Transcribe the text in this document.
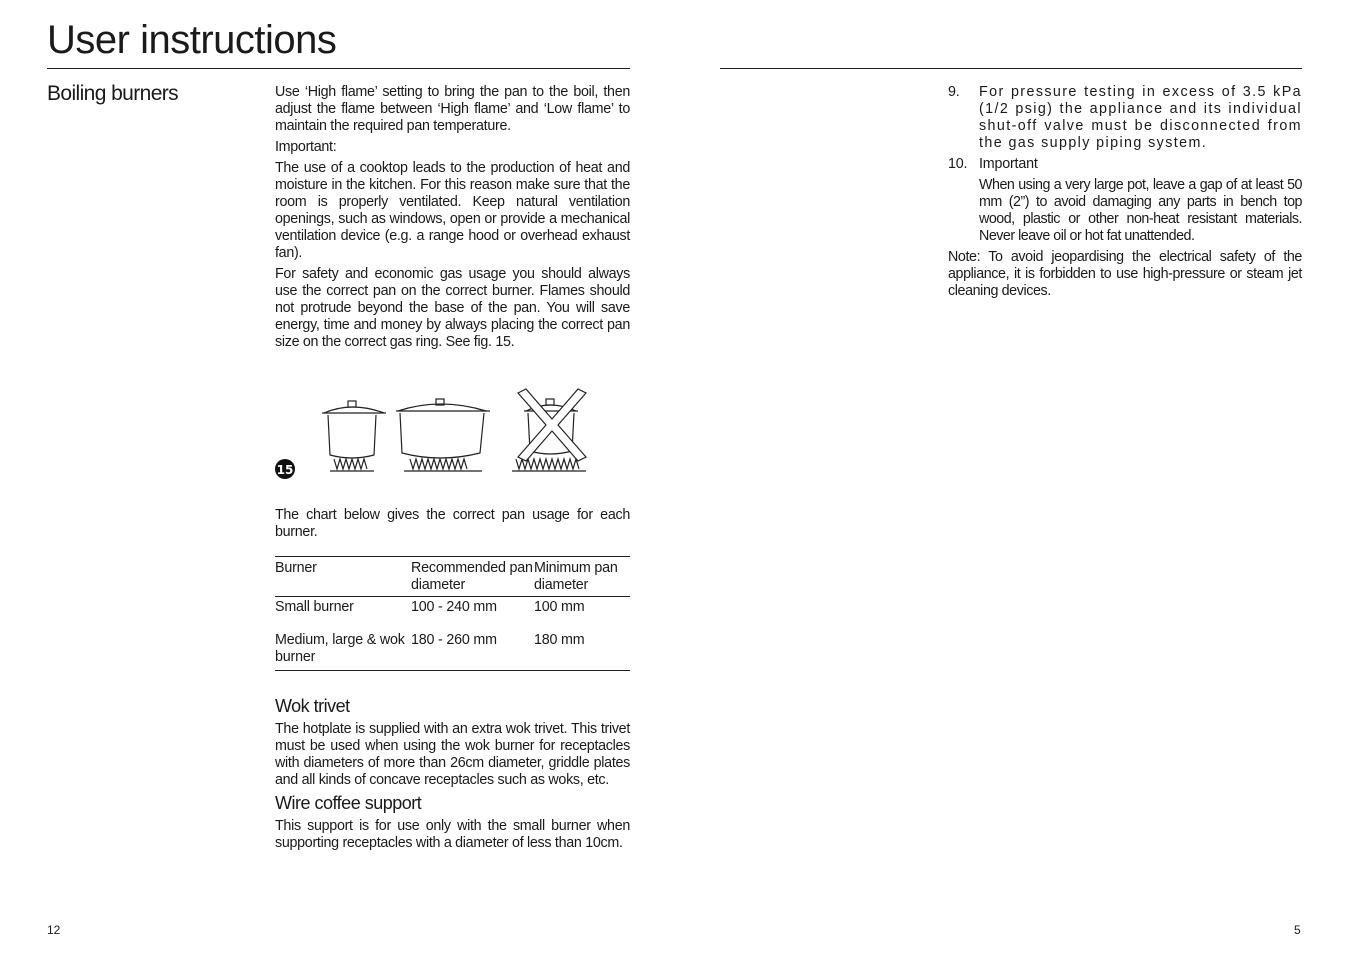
User instructions
Boiling burners	Use ‘High flame’ setting to bring the pan to the boil, then adjust the flame between ‘High flame’ and ‘Low flame’ to maintain the required pan temperature.

Important:

The use of a cooktop leads to the production of heat and moisture in the kitchen. For this reason make sure that the room is properly ventilated. Keep natural ventilation openings, such as windows, open or provide a mechanical ventilation device (e.g. a range hood or overhead exhaust fan).

For safety and economic gas usage you should always use the correct pan on the correct burner. Flames should not protrude beyond the base of the pan. You will save energy, time and money by always placing the correct pan size on the correct gas ring. See fig. 15.

15
The chart below gives the correct pan usage for each burner.
Burner	Recommended pan diameter	Minimum pan diameter
Small burner	100 - 240 mm	100 mm
Medium, large & wok burner	180 - 260 mm	180 mm
Wok trivet

The hotplate is supplied with an extra wok trivet. This trivet must be used when using the wok burner for receptacles with diameters of more than 26cm diameter, griddle plates and all kinds of concave receptacles such as woks, etc.

Wire coffee support

This support is for use only with the small burner when supporting receptacles with a diameter of less than 10cm.

12
9. For pressure testing in excess of 3.5 kPa (1/2 psig) the appliance and its individual shut-off valve must be disconnected from the gas supply piping system.
10. Important
When using a very large pot, leave a gap of at least 50 mm (2”) to avoid damaging any parts in bench top wood, plastic or other non-heat resistant materials. Never leave oil or hot fat unattended.
Note: To avoid jeopardising the electrical safety of the appliance, it is forbidden to use high-pressure or steam jet cleaning devices.
5
